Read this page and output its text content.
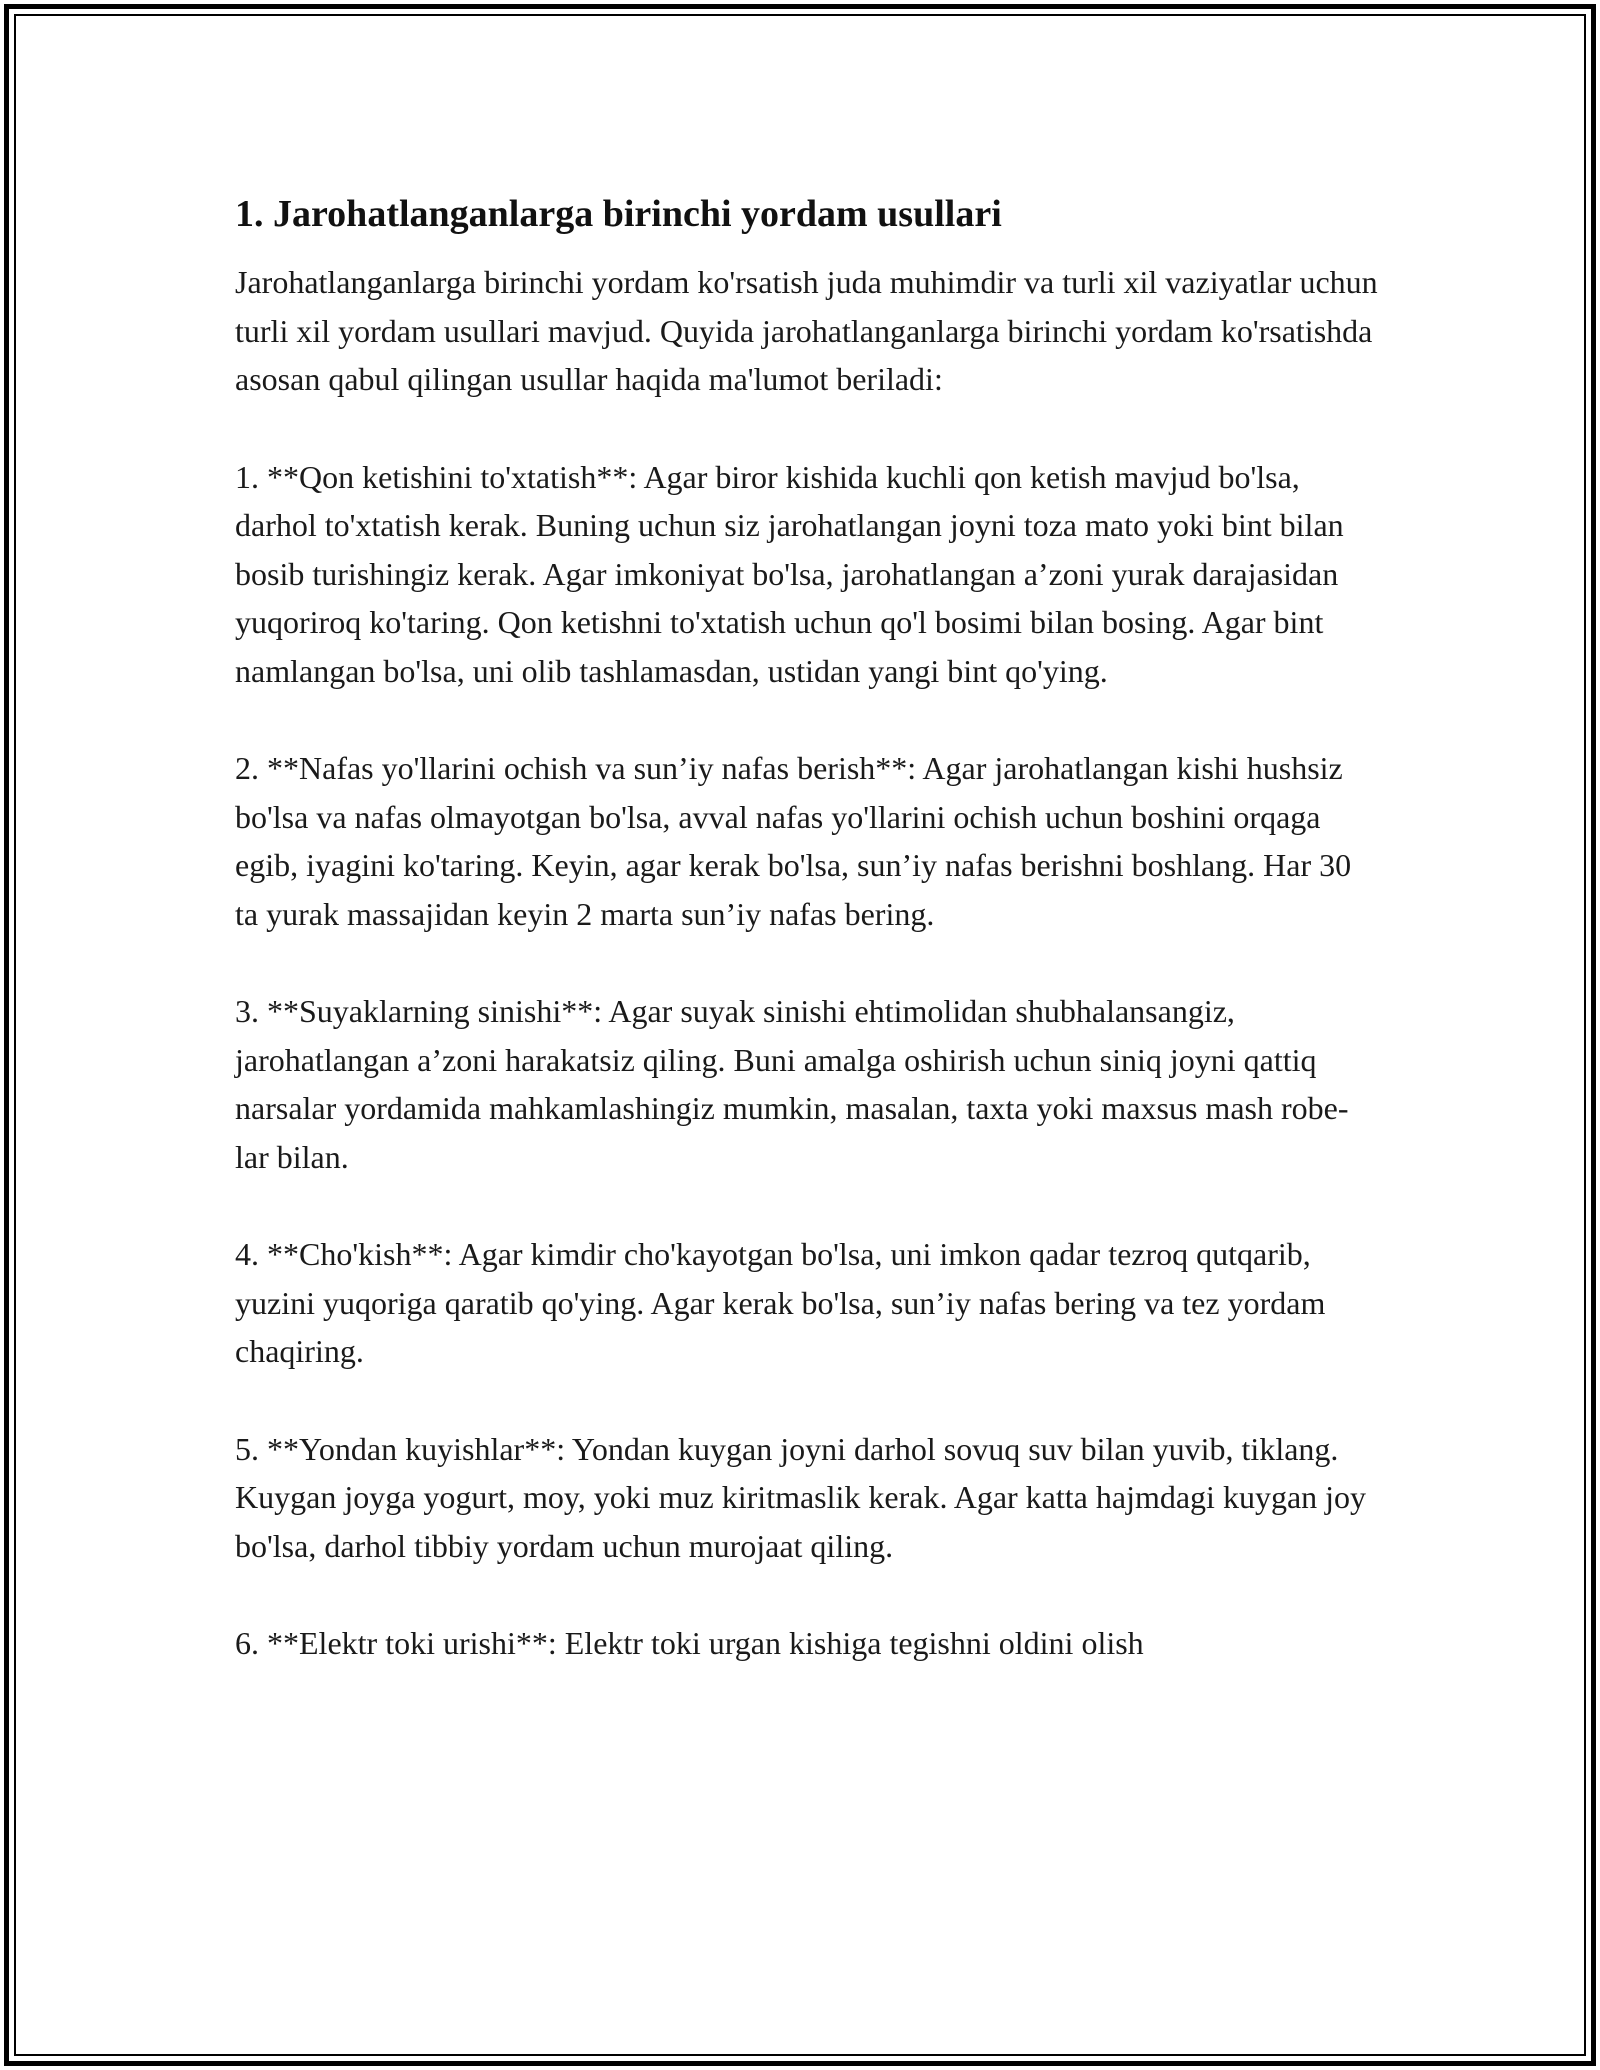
1. Jarohatlanganlarga birinchi yordam usullari

Jarohatlanganlarga birinchi yordam ko'rsatish juda muhimdir va turli xil vaziyatlar uchun turli xil yordam usullari mavjud. Quyida jarohatlanganlarga birinchi yordam ko'rsatishda asosan qabul qilingan usullar haqida ma'lumot beriladi:

1. **Qon ketishini to'xtatish**: Agar biror kishida kuchli qon ketish mavjud bo'lsa, darhol to'xtatish kerak. Buning uchun siz jarohatlangan joyni toza mato yoki bint bilan bosib turishingiz kerak. Agar imkoniyat bo'lsa, jarohatlangan a’zoni yurak darajasidan yuqoriroq ko'taring. Qon ketishni to'xtatish uchun qo'l bosimi bilan bosing. Agar bint namlangan bo'lsa, uni olib tashlamasdan, ustidan yangi bint qo'ying.

2. **Nafas yo'llarini ochish va sun’iy nafas berish**: Agar jarohatlangan kishi hushsiz bo'lsa va nafas olmayotgan bo'lsa, avval nafas yo'llarini ochish uchun boshini orqaga egib, iyagini ko'taring. Keyin, agar kerak bo'lsa, sun’iy nafas berishni boshlang. Har 30 ta yurak massajidan keyin 2 marta sun’iy nafas bering.

3. **Suyaklarning sinishi**: Agar suyak sinishi ehtimolidan shubhalansangiz, jarohatlangan a’zoni harakatsiz qiling. Buni amalga oshirish uchun siniq joyni qattiq narsalar yordamida mahkamlashingiz mumkin, masalan, taxta yoki maxsus mash robe-lar bilan.

4. **Cho'kish**: Agar kimdir cho'kayotgan bo'lsa, uni imkon qadar tezroq qutqarib, yuzini yuqoriga qaratib qo'ying. Agar kerak bo'lsa, sun’iy nafas bering va tez yordam chaqiring.

5. **Yondan kuyishlar**: Yondan kuygan joyni darhol sovuq suv bilan yuvib, tiklang. Kuygan joyga yogurt, moy, yoki muz kiritmaslik kerak. Agar katta hajmdagi kuygan joy bo'lsa, darhol tibbiy yordam uchun murojaat qiling.

6. **Elektr toki urishi**: Elektr toki urgan kishiga tegishni oldini olish
